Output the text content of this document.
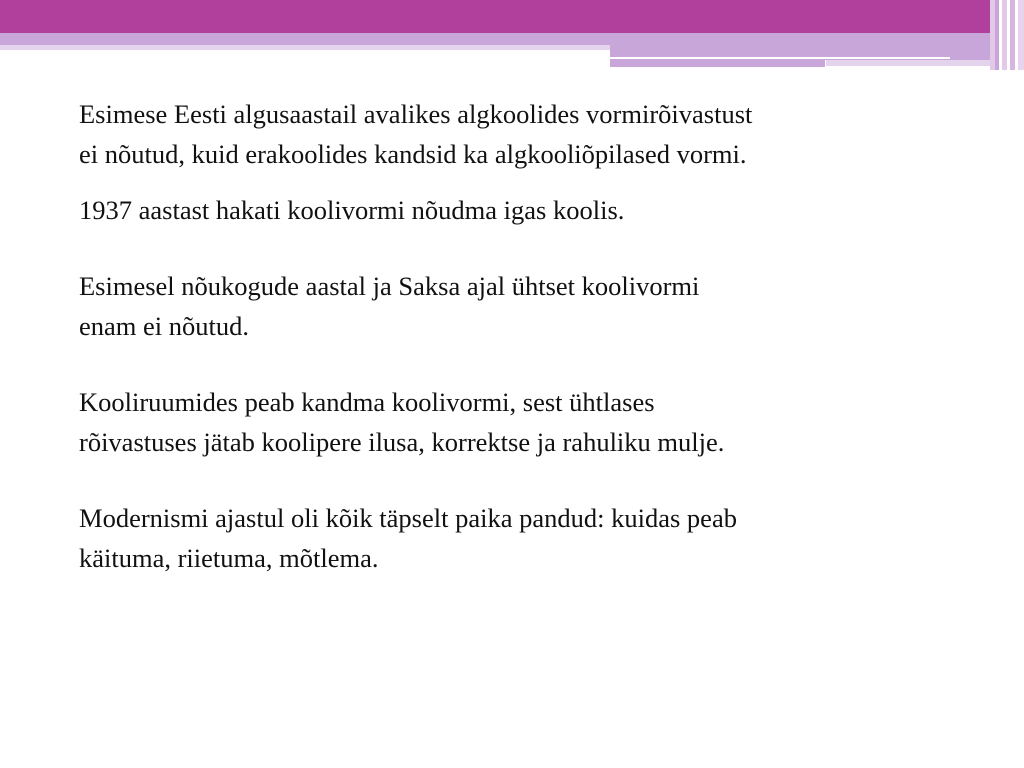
Esimese Eesti algusaastail avalikes algkoolides vormirõivastust
ei nõutud, kuid erakoolides kandsid ka algkooliõpilased vormi.

1937 aastast hakati koolivormi nõudma igas koolis.

Esimesel nõukogude aastal ja Saksa ajal ühtset koolivormi
enam ei nõutud.

Kooliruumides peab kandma koolivormi, sest ühtlases
rõivastuses jätab koolipere ilusa, korrektse ja rahuliku mulje.

Modernismi ajastul oli kõik täpselt paika pandud: kuidas peab
käituma, riietuma, mõtlema.
